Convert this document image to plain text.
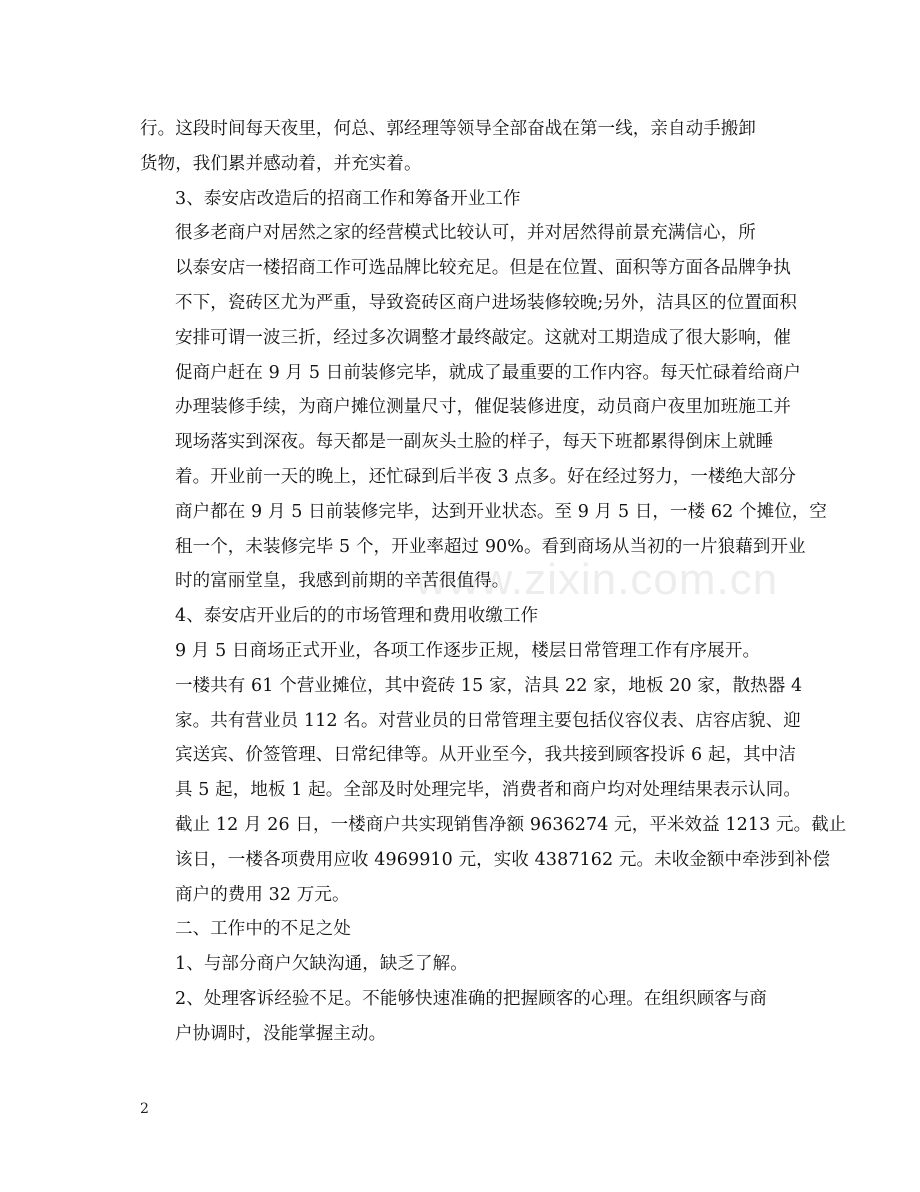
www.zixin.com.cn

行。这段时间每天夜里，何总、郭经理等领导全部奋战在第一线，亲自动手搬卸
货物，我们累并感动着，并充实着。

3、泰安店改造后的招商工作和筹备开业工作

很多老商户对居然之家的经营模式比较认可，并对居然得前景充满信心，所
以泰安店一楼招商工作可选品牌比较充足。但是在位置、面积等方面各品牌争执
不下，瓷砖区尤为严重，导致瓷砖区商户进场装修较晚;另外，洁具区的位置面积
安排可谓一波三折，经过多次调整才最终敲定。这就对工期造成了很大影响，催
促商户赶在 9 月 5 日前装修完毕，就成了最重要的工作内容。每天忙碌着给商户
办理装修手续，为商户摊位测量尺寸，催促装修进度，动员商户夜里加班施工并
现场落实到深夜。每天都是一副灰头土脸的样子，每天下班都累得倒床上就睡
着。开业前一天的晚上，还忙碌到后半夜 3 点多。好在经过努力，一楼绝大部分
商户都在 9 月 5 日前装修完毕，达到开业状态。至 9 月 5 日，一楼 62 个摊位，空
租一个，未装修完毕 5 个，开业率超过 90%。看到商场从当初的一片狼藉到开业
时的富丽堂皇，我感到前期的辛苦很值得。

4、泰安店开业后的的市场管理和费用收缴工作

9 月 5 日商场正式开业，各项工作逐步正规，楼层日常管理工作有序展开。
一楼共有 61 个营业摊位，其中瓷砖 15 家，洁具 22 家，地板 20 家，散热器 4
家。共有营业员 112 名。对营业员的日常管理主要包括仪容仪表、店容店貌、迎
宾送宾、价签管理、日常纪律等。从开业至今，我共接到顾客投诉 6 起，其中洁
具 5 起，地板 1 起。全部及时处理完毕，消费者和商户均对处理结果表示认同。
截止 12 月 26 日，一楼商户共实现销售净额 9636274 元，平米效益 1213 元。截止
该日，一楼各项费用应收 4969910 元，实收 4387162 元。未收金额中牵涉到补偿
商户的费用 32 万元。

二、工作中的不足之处

1、与部分商户欠缺沟通，缺乏了解。

2、处理客诉经验不足。不能够快速准确的把握顾客的心理。在组织顾客与商
户协调时，没能掌握主动。

2
